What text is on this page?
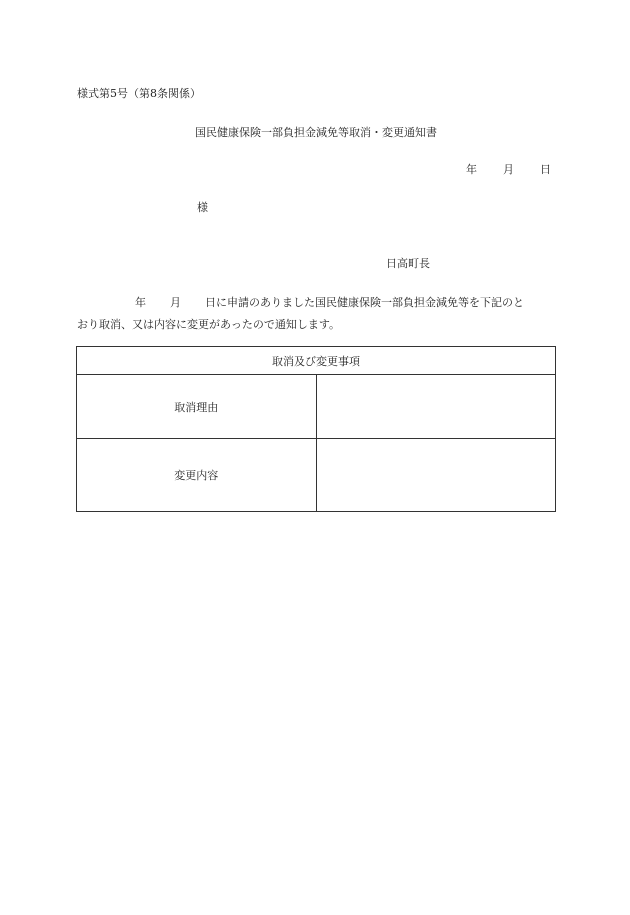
様式第5号（第8条関係）
国民健康保険一部負担金減免等取消・変更通知書
年 月 日
様
日高町長
年 月 日に申請のありました国民健康保険一部負担金減免等を下記のと
おり取消、又は内容に変更があったので通知します。
取消及び変更事項	
取消理由	
変更内容	
